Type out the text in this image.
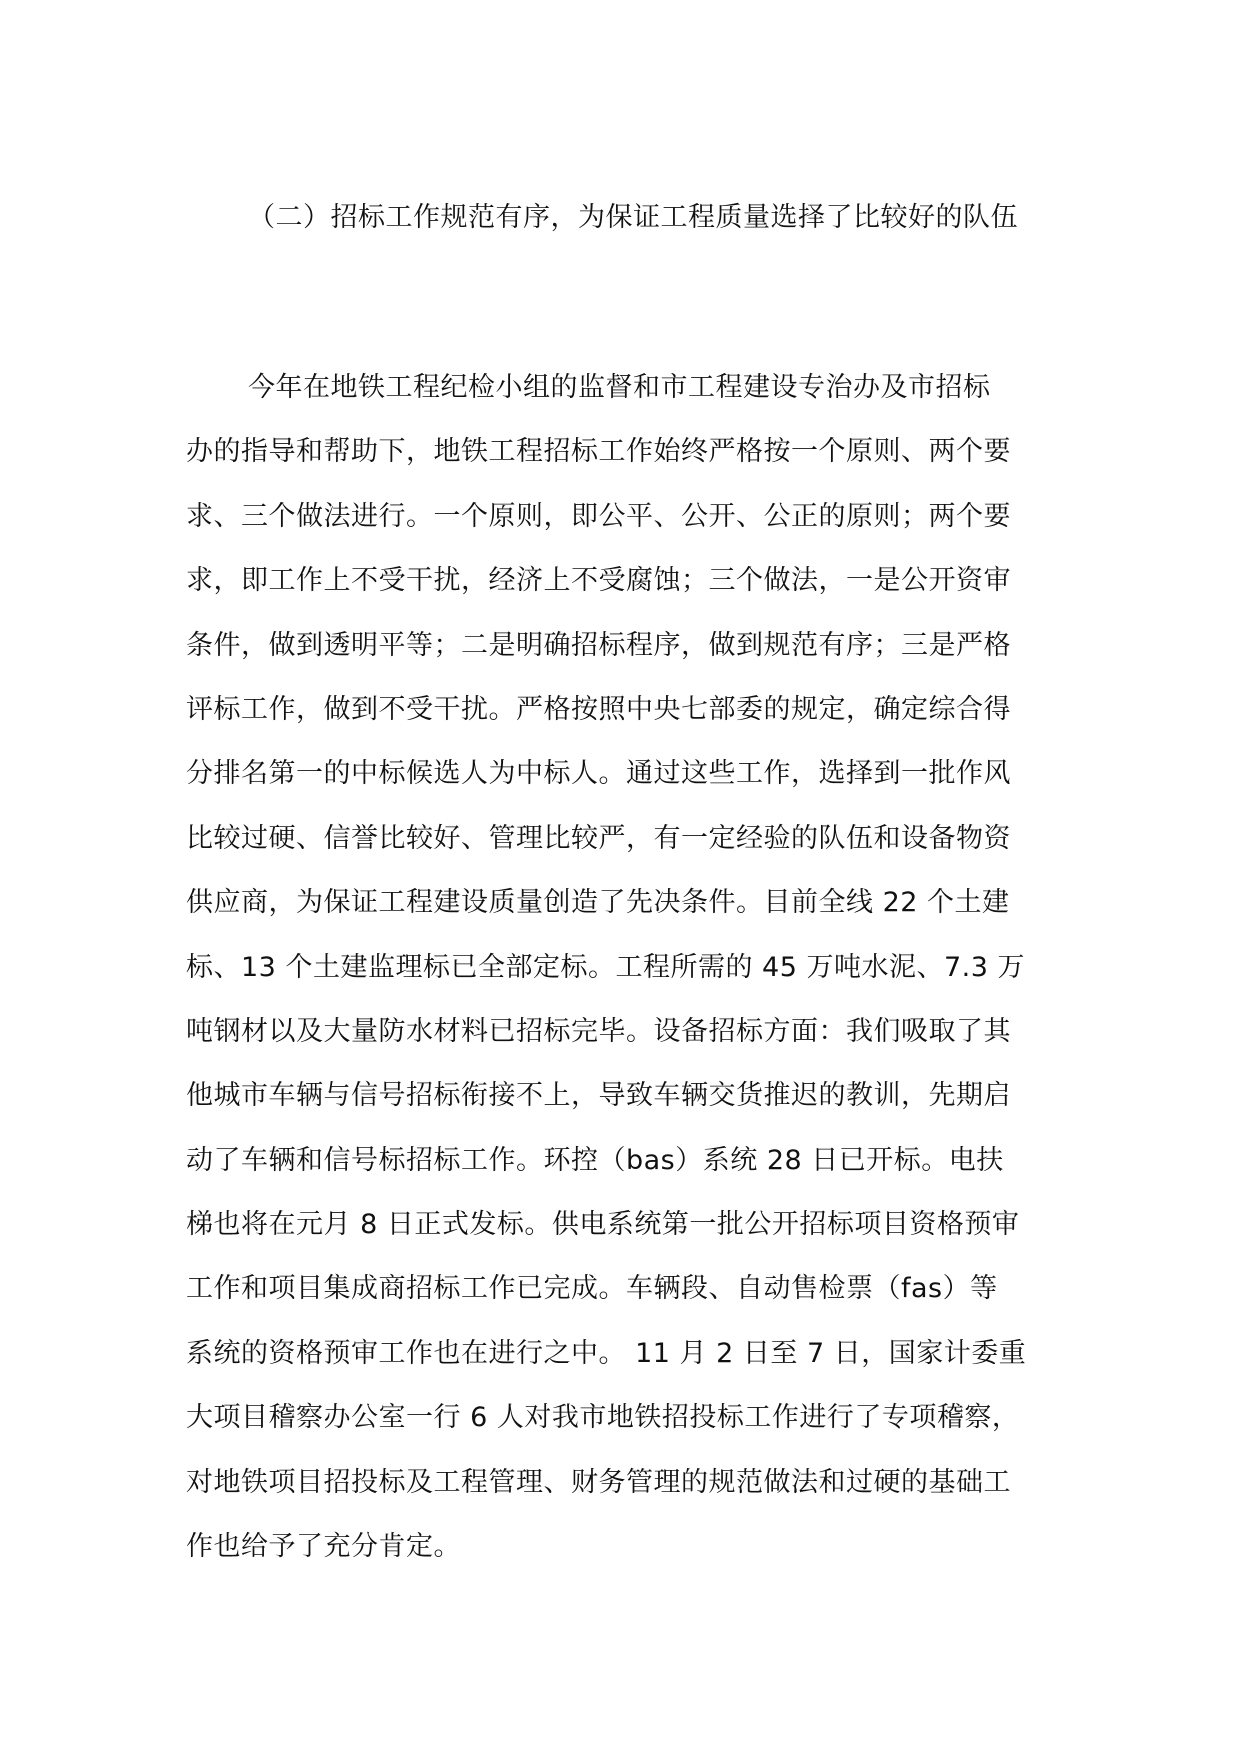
（二）招标工作规范有序，为保证工程质量选择了比较好的队伍
今年在地铁工程纪检小组的监督和市工程建设专治办及市招标
办的指导和帮助下，地铁工程招标工作始终严格按一个原则、两个要
求、三个做法进行。一个原则，即公平、公开、公正的原则；两个要
求，即工作上不受干扰，经济上不受腐蚀；三个做法，一是公开资审
条件，做到透明平等；二是明确招标程序，做到规范有序；三是严格
评标工作，做到不受干扰。严格按照中央七部委的规定，确定综合得
分排名第一的中标候选人为中标人。通过这些工作，选择到一批作风
比较过硬、信誉比较好、管理比较严，有一定经验的队伍和设备物资
供应商，为保证工程建设质量创造了先决条件。目前全线 22 个土建
标、13 个土建监理标已全部定标。工程所需的 45 万吨水泥、7.3 万
吨钢材以及大量防水材料已招标完毕。设备招标方面：我们吸取了其
他城市车辆与信号招标衔接不上，导致车辆交货推迟的教训，先期启
动了车辆和信号标招标工作。环控（bas）系统 28 日已开标。电扶
梯也将在元月 8 日正式发标。供电系统第一批公开招标项目资格预审
工作和项目集成商招标工作已完成。车辆段、自动售检票（fas）等
系统的资格预审工作也在进行之中。 11 月 2 日至 7 日，国家计委重
大项目稽察办公室一行 6 人对我市地铁招投标工作进行了专项稽察，
对地铁项目招投标及工程管理、财务管理的规范做法和过硬的基础工
作也给予了充分肯定。
